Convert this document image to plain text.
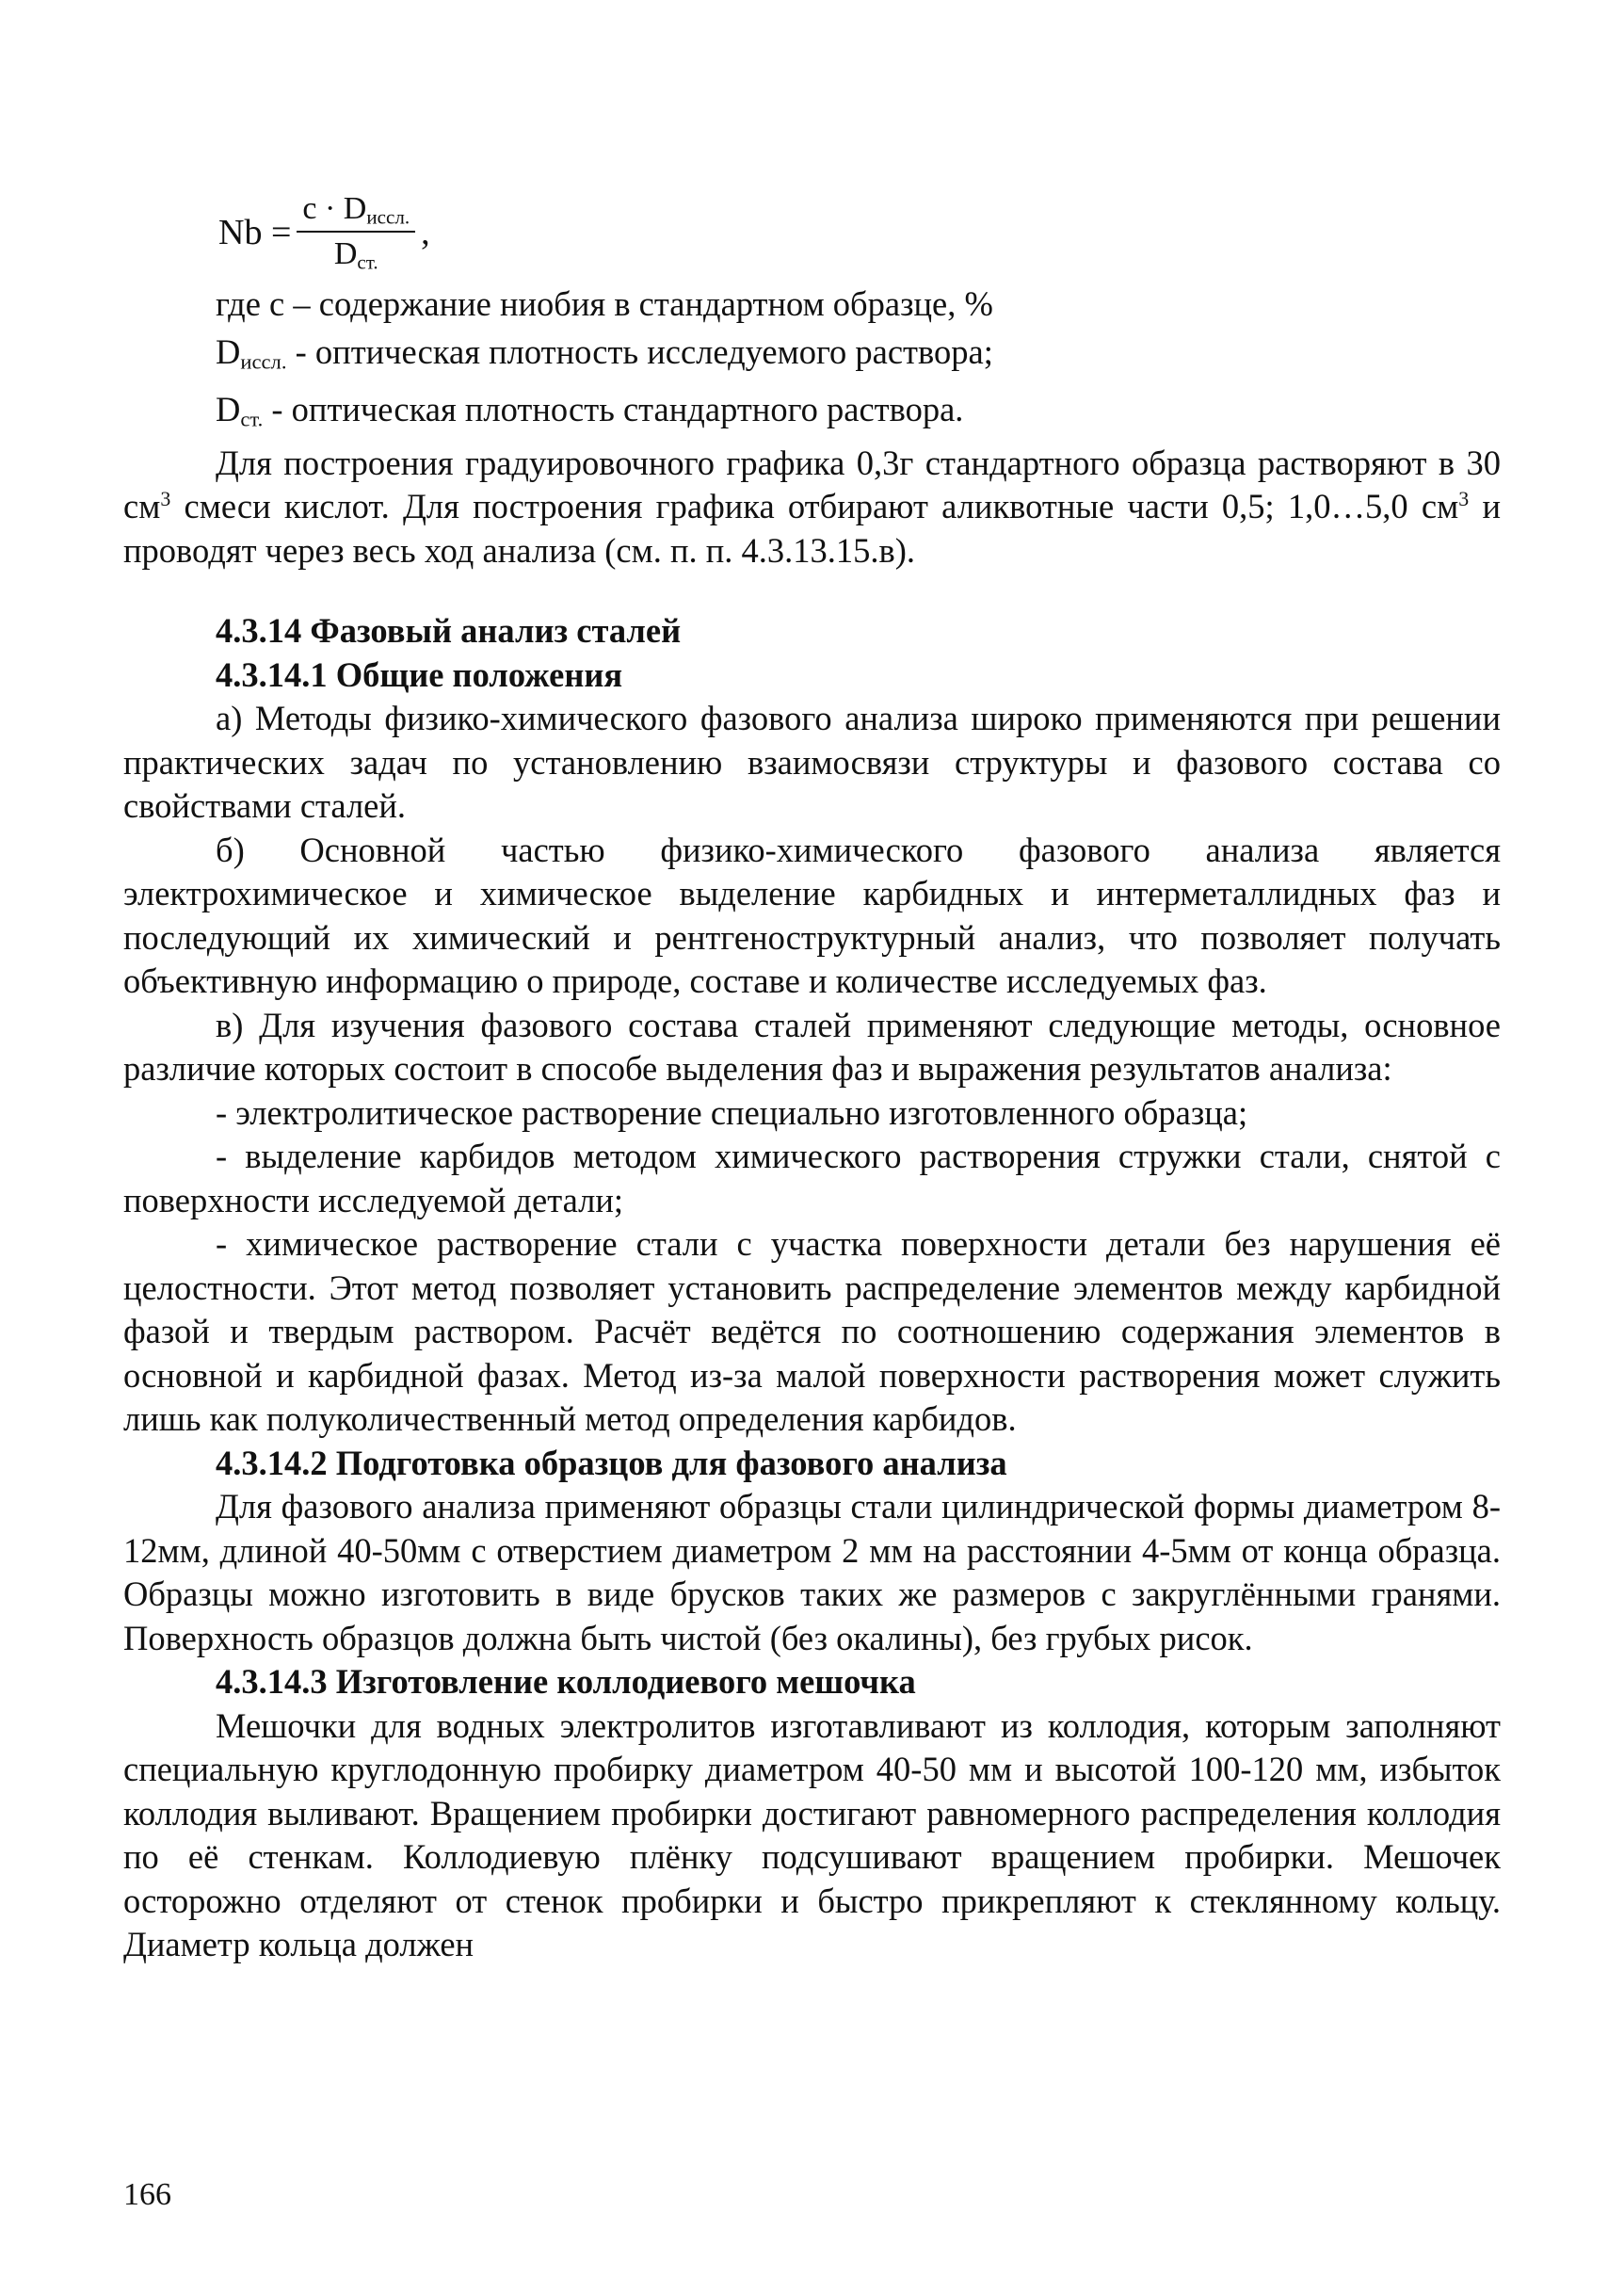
$Nb = \frac{c \cdot D_{иссл.}}{D_{ст.}}$ ,

где c – содержание ниобия в стандартном образце, %

$D_{иссл.}$ - оптическая плотность исследуемого раствора;

$D_{ст.}$ - оптическая плотность стандартного раствора.

Для построения градуировочного графика 0,3г стандартного образца растворяют в 30 $см^3$ смеси кислот. Для построения графика отбирают аликвотные части 0,5; 1,0…5,0 $см^3$ и проводят через весь ход анализа (см. п. п. 4.3.13.15.в).

4.3.14 Фазовый анализ сталей

4.3.14.1 Общие положения

а) Методы физико-химического фазового анализа широко применяются при решении практических задач по установлению взаимосвязи структуры и фазового состава со свойствами сталей.

б) Основной частью физико-химического фазового анализа является электрохимическое и химическое выделение карбидных и интерметаллидных фаз и последующий их химический и рентгеноструктурный анализ, что позволяет получать объективную информацию о природе, составе и количестве исследуемых фаз.

в) Для изучения фазового состава сталей применяют следующие методы, основное различие которых состоит в способе выделения фаз и выражения результатов анализа:

- электролитическое растворение специально изготовленного образца;

- выделение карбидов методом химического растворения стружки стали, снятой с поверхности исследуемой детали;

- химическое растворение стали с участка поверхности детали без нарушения её целостности. Этот метод позволяет установить распределение элементов между карбидной фазой и твердым раствором. Расчёт ведётся по соотношению содержания элементов в основной и карбидной фазах. Метод из-за малой поверхности растворения может служить лишь как полуколичественный метод определения карбидов.

4.3.14.2 Подготовка образцов для фазового анализа

Для фазового анализа применяют образцы стали цилиндрической формы диаметром 8-12мм, длиной 40-50мм с отверстием диаметром 2 мм на расстоянии 4-5мм от конца образца. Образцы можно изготовить в виде брусков таких же размеров с закруглёнными гранями. Поверхность образцов должна быть чистой (без окалины), без грубых рисок.

4.3.14.3 Изготовление коллодиевого мешочка

Мешочки для водных электролитов изготавливают из коллодия, которым заполняют специальную круглодонную пробирку диаметром 40-50 мм и высотой 100-120 мм, избыток коллодия выливают. Вращением пробирки достигают равномерного распределения коллодия по её стенкам. Коллодиевую плёнку подсушивают вращением пробирки. Мешочек осторожно отделяют от стенок пробирки и быстро прикрепляют к стеклянному кольцу. Диаметр кольца должен

166
